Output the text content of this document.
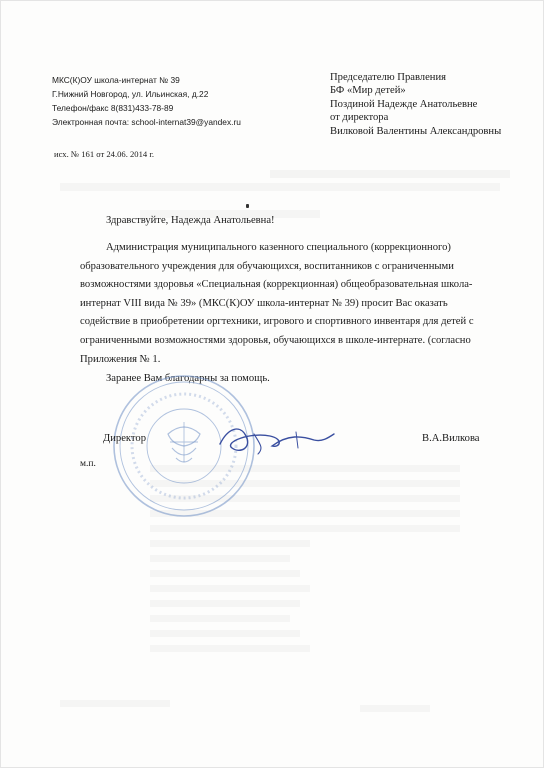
МКС(К)ОУ школа-интернат № 39
Г.Нижний Новгород, ул. Ильинская, д.22
Телефон/факс 8(831)433-78-89
Электронная почта: school-internat39@yandex.ru
Председателю Правления
БФ «Мир детей»
Поздиной Надежде Анатольевне
от директора
Вилковой Валентины Александровны
исх. № 161 от 24.06. 2014 г.
Здравствуйте, Надежда Анатольевна!
Администрация муниципального казенного специального (коррекционного) образовательного учреждения для обучающихся, воспитанников с ограниченными возможностями здоровья «Специальная (коррекционная) общеобразовательная школа-интернат VIII вида № 39» (МКС(К)ОУ школа-интернат № 39) просит Вас оказать содействие в приобретении оргтехники, игрового и спортивного инвентаря для детей с ограниченными возможностями здоровья, обучающихся в школе-интернате. (согласно Приложения № 1.
Заранее Вам благодарны за помощь.
Директор	В.А.Вилкова
м.п.
